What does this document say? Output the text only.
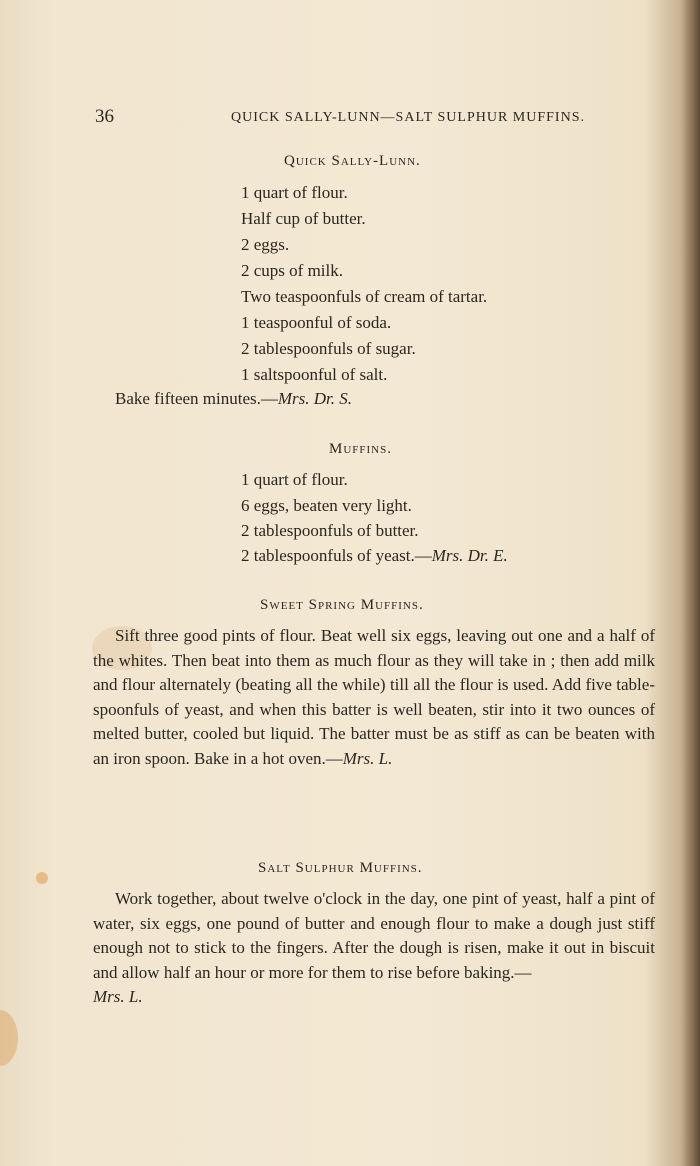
36	QUICK SALLY-LUNN—SALT SULPHUR MUFFINS.
Quick Sally-Lunn.
1 quart of flour.
Half cup of butter.
2 eggs.
2 cups of milk.
Two teaspoonfuls of cream of tartar.
1 teaspoonful of soda.
2 tablespoonfuls of sugar.
1 saltspoonful of salt.
Bake fifteen minutes.—Mrs. Dr. S.
Muffins.
1 quart of flour.
6 eggs, beaten very light.
2 tablespoonfuls of butter.
2 tablespoonfuls of yeast.—Mrs. Dr. E.
Sweet Spring Muffins.
Sift three good pints of flour. Beat well six eggs, leaving out one and a half of the whites. Then beat into them as much flour as they will take in ; then add milk and flour alternately (beating all the while) till all the flour is used. Add five table-spoonfuls of yeast, and when this batter is well beaten, stir into it two ounces of melted butter, cooled but liquid. The batter must be as stiff as can be beaten with an iron spoon. Bake in a hot oven.—Mrs. L.
Salt Sulphur Muffins.
Work together, about twelve o'clock in the day, one pint of yeast, half a pint of water, six eggs, one pound of butter and enough flour to make a dough just stiff enough not to stick to the fingers. After the dough is risen, make it out in biscuit and allow half an hour or more for them to rise before baking.—
Mrs. L.
